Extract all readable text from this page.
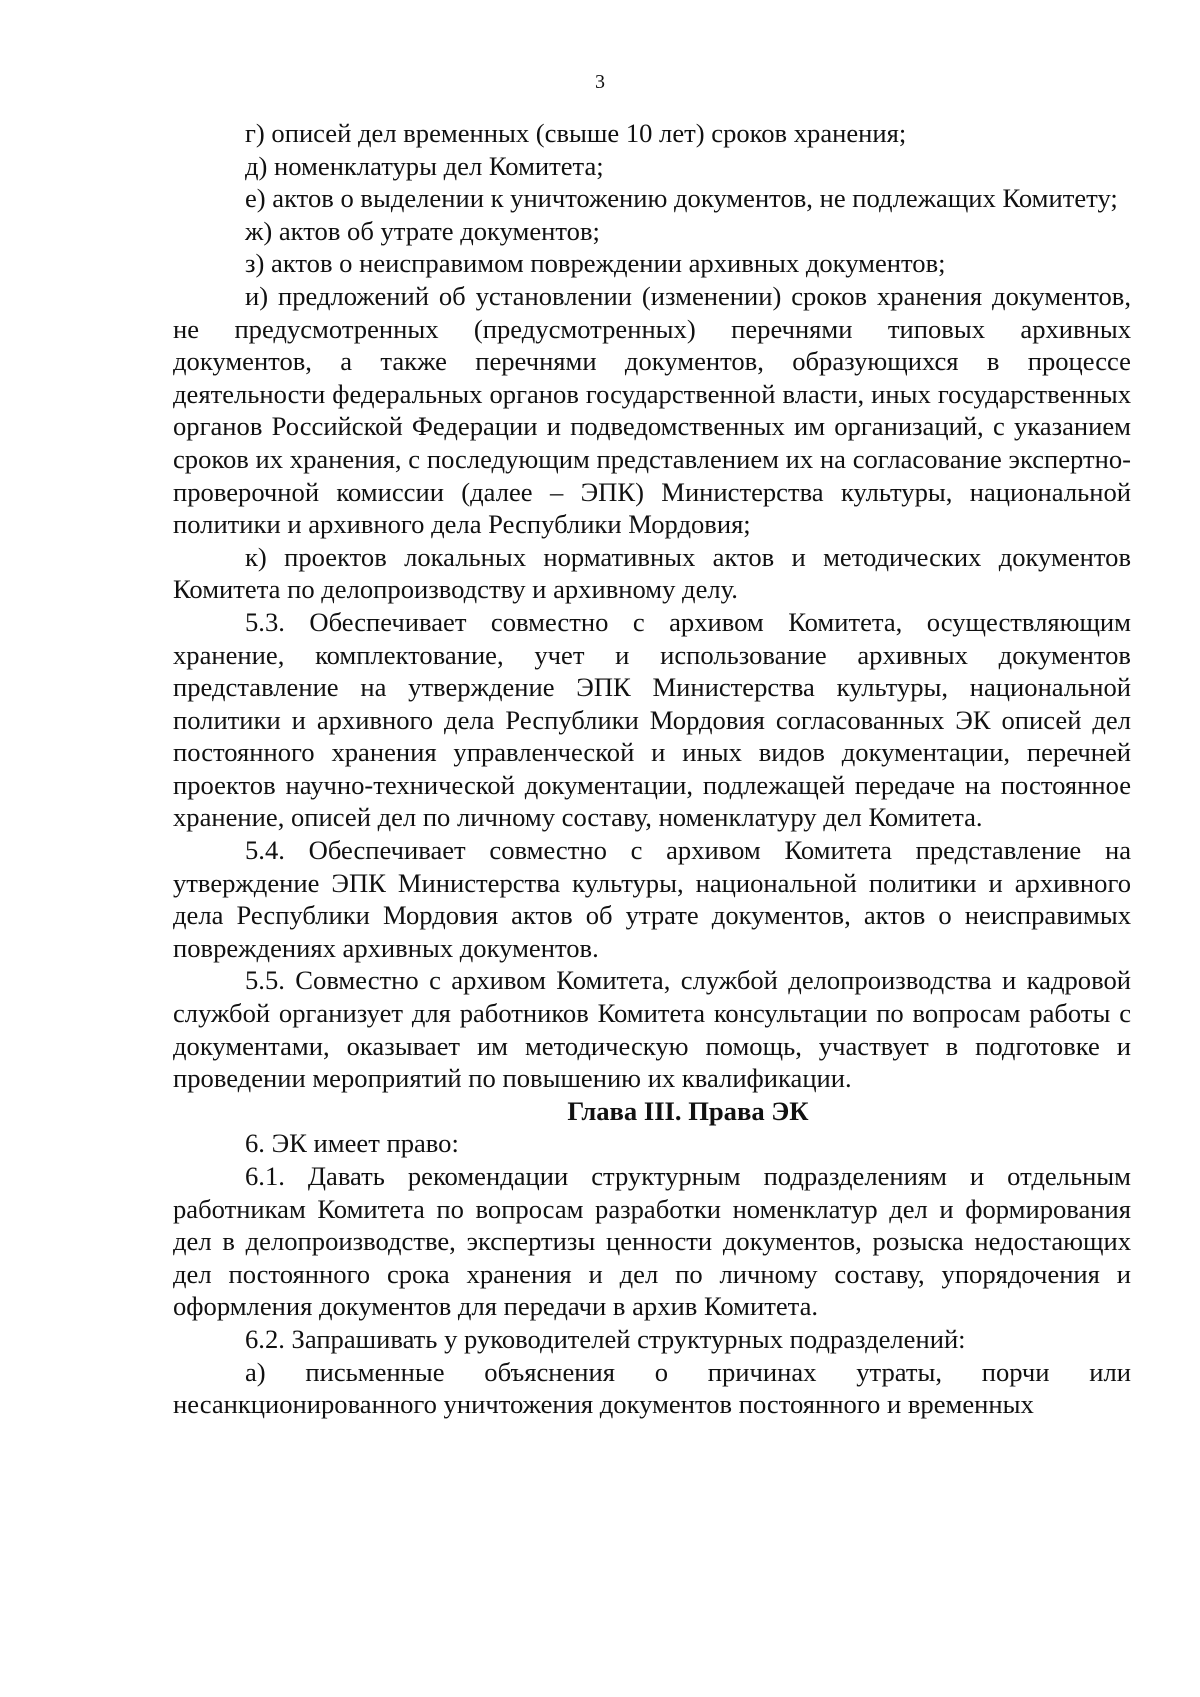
3

г) описей дел временных (свыше 10 лет) сроков хранения;

д) номенклатуры дел Комитета;

е) актов о выделении к уничтожению документов, не подлежащих Комитету;

ж) актов об утрате документов;

з) актов о неисправимом повреждении архивных документов;

и) предложений об установлении (изменении) сроков хранения документов, не предусмотренных (предусмотренных) перечнями типовых архивных документов, а также перечнями документов, образующихся в процессе деятельности федеральных органов государственной власти, иных государственных органов Российской Федерации и подведомственных им организаций, с указанием сроков их хранения, с последующим представлением их на согласование экспертно-проверочной комиссии (далее – ЭПК) Министерства культуры, национальной политики и архивного дела Республики Мордовия;

к) проектов локальных нормативных актов и методических документов Комитета по делопроизводству и архивному делу.

5.3. Обеспечивает совместно с архивом Комитета, осуществляющим хранение, комплектование, учет и использование архивных документов представление на утверждение ЭПК Министерства культуры, национальной политики и архивного дела Республики Мордовия согласованных ЭК описей дел постоянного хранения управленческой и иных видов документации, перечней проектов научно-технической документации, подлежащей передаче на постоянное хранение, описей дел по личному составу, номенклатуру дел Комитета.

5.4. Обеспечивает совместно с архивом Комитета представление на утверждение ЭПК Министерства культуры, национальной политики и архивного дела Республики Мордовия актов об утрате документов, актов о неисправимых повреждениях архивных документов.

5.5. Совместно с архивом Комитета, службой делопроизводства и кадровой службой организует для работников Комитета консультации по вопросам работы с документами, оказывает им методическую помощь, участвует в подготовке и проведении мероприятий по повышению их квалификации.

Глава III. Права ЭК

6. ЭК имеет право:

6.1. Давать рекомендации структурным подразделениям и отдельным работникам Комитета по вопросам разработки номенклатур дел и формирования дел в делопроизводстве, экспертизы ценности документов, розыска недостающих дел постоянного срока хранения и дел по личному составу, упорядочения и оформления документов для передачи в архив Комитета.

6.2. Запрашивать у руководителей структурных подразделений:

а) письменные объяснения о причинах утраты, порчи или несанкционированного уничтожения документов постоянного и временных
